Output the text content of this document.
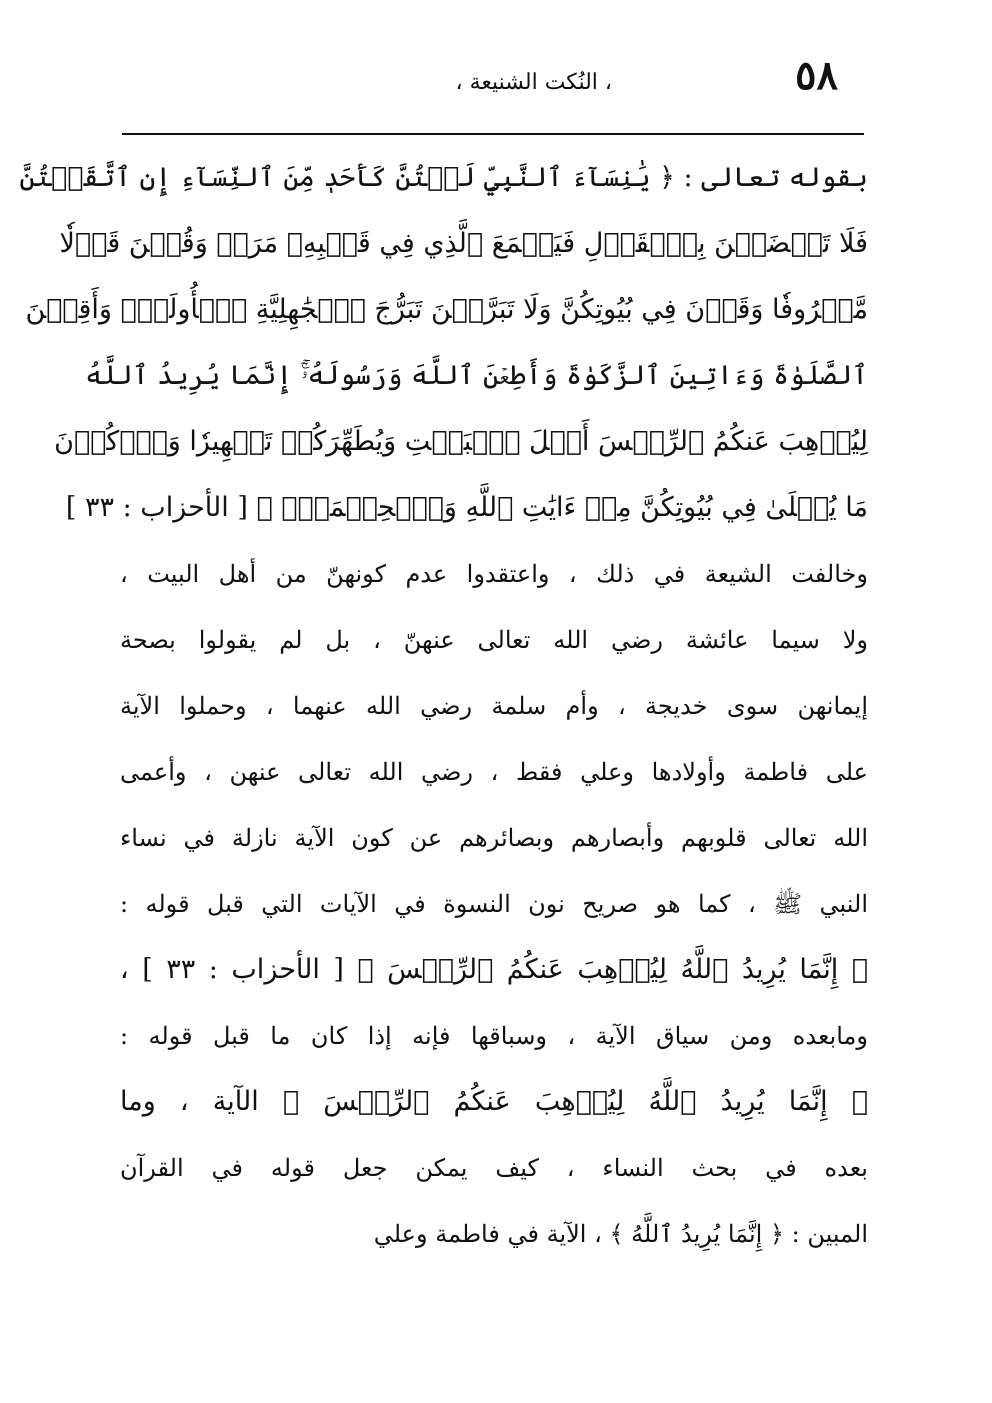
٥٨
، النُكت الشنيعة ،
بقوله تعالى : ﴿ يَٰنِسَآءَ ٱلنَّبِيِّ لَسۡتُنَّ كَأَحَدٖ مِّنَ ٱلنِّسَآءِ إِنِ ٱتَّقَيۡتُنَّ
فَلَا تَخۡضَعۡنَ بِٱلۡقَوۡلِ فَيَطۡمَعَ ٱلَّذِي فِي قَلۡبِهِۦ مَرَضٞ وَقُلۡنَ قَوۡلٗا
مَّعۡرُوفٗا وَقَرۡنَ فِي بُيُوتِكُنَّ وَلَا تَبَرَّجۡنَ تَبَرُّجَ ٱلۡجَٰهِلِيَّةِ ٱلۡأُولَىٰۖ وَأَقِمۡنَ
ٱلصَّلَوٰةَ وَءَاتِينَ ٱلزَّكَوٰةَ وَأَطِعۡنَ ٱللَّهَ وَرَسُولَهُۥٓۚ إِنَّمَا يُرِيدُ ٱللَّهُ
لِيُذۡهِبَ عَنكُمُ ٱلرِّجۡسَ أَهۡلَ ٱلۡبَيۡتِ وَيُطَهِّرَكُمۡ تَطۡهِيرٗا وَٱذۡكُرۡنَ
مَا يُتۡلَىٰ فِي بُيُوتِكُنَّ مِنۡ ءَايَٰتِ ٱللَّهِ وَٱلۡحِكۡمَةِۚ ﴾ [ الأحزاب : ٣٣ ]
وخالفت الشيعة في ذلك ، واعتقدوا عدم كونهنّ من أهل البيت ،
ولا سيما عائشة رضي الله تعالى عنهنّ ، بل لم يقولوا بصحة
إيمانهن سوى خديجة ، وأم سلمة رضي الله عنهما ، وحملوا الآية
على فاطمة وأولادها وعلي فقط ، رضي الله تعالى عنهن ، وأعمى
الله تعالى قلوبهم وأبصارهم وبصائرهم عن كون الآية نازلة في نساء
النبي ﷺ ، كما هو صريح نون النسوة في الآيات التي قبل قوله :
﴿ إِنَّمَا يُرِيدُ ٱللَّهُ لِيُذۡهِبَ عَنكُمُ ٱلرِّجۡسَ ﴾ [ الأحزاب : ٣٣ ] ،
ومابعده ومن سياق الآية ، وسباقها فإنه إذا كان ما قبل قوله :
﴿ إِنَّمَا يُرِيدُ ٱللَّهُ لِيُذۡهِبَ عَنكُمُ ٱلرِّجۡسَ ﴾ الآية ، وما
بعده في بحث النساء ، كيف يمكن جعل قوله في القرآن
المبين : ﴿ إِنَّمَا يُرِيدُ ٱللَّهُ ﴾ ، الآية في فاطمة وعلي
